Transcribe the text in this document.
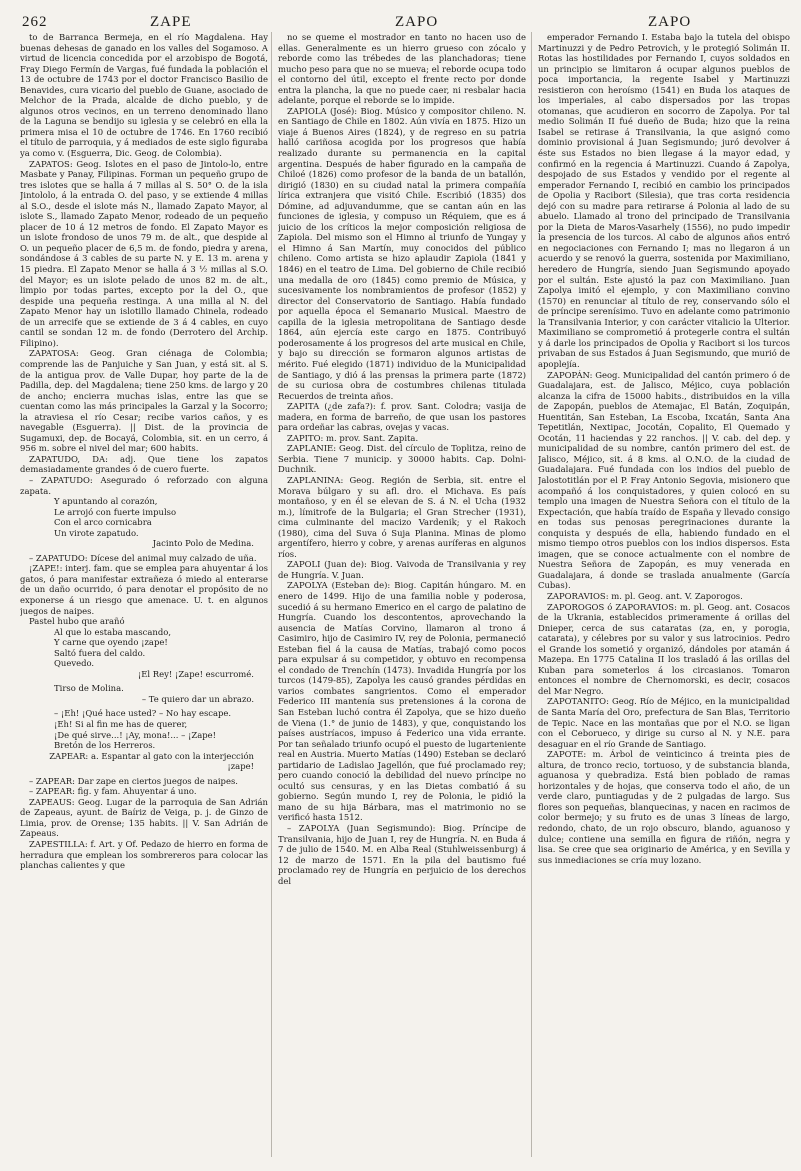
262	ZAPE	ZAPO	ZAPO

to de Barranca Bermeja, en el río Magdalena. Hay buenas dehesas de ganado en los valles del Sogamoso. A virtud de licencia concedida por el arzobispo de Bogotá, Fray Diego Fermín de Vargas, fué fundada la población el 13 de octubre de 1743 por el doctor Francisco Basilio de Benavides, cura vicario del pueblo de Guane, asociado de Melchor de la Prada, alcalde de dicho pueblo, y de algunos otros vecinos, en un terreno denominado llano de la Laguna se bendijo su iglesia y se celebró en ella la primera misa el 10 de octubre de 1746. En 1760 recibió el título de parroquia, y á mediados de este siglo figuraba ya como v. (Esguerra, Dic. Geog. de Colombia).

ZAPATOS: Geog. Islotes en el paso de Jintolo-lo, entre Masbate y Panay, Filipinas. Forman un pequeño grupo de tres islotes que se halla á 7 millas al S. 50° O. de la isla Jintololo, á la entrada O. del paso, y se extiende 4 millas al S.O., desde el islote más N., llamado Zapato Mayor, al islote S., llamado Zapato Menor, rodeado de un pequeño placer de 10 á 12 metros de fondo. El Zapato Mayor es un islote frondoso de unos 79 m. de alt., que despide al O. un pequeño placer de 6,5 m. de fondo, piedra y arena, sondándose á 3 cables de su parte N. y E. 13 m. arena y 15 piedra. El Zapato Menor se halla á 3 ½ millas al S.O. del Mayor; es un islote pelado de unos 82 m. de alt., limpio por todas partes, excepto por la del O., que despide una pequeña restinga. A una milla al N. del Zapato Menor hay un islotillo llamado Chinela, rodeado de un arrecife que se extiende de 3 á 4 cables, en cuyo cantil se sondan 12 m. de fondo (Derrotero del Archip. Filipino).

ZAPATOSA: Geog. Gran ciénaga de Colombia; comprende las de Panjuiche y San Juan, y está sit. al S. de la antigua prov. de Valle Dupar, hoy parte de la de Padilla, dep. del Magdalena; tiene 250 kms. de largo y 20 de ancho; encierra muchas islas, entre las que se cuentan como las más principales la Garzal y la Socorro; la atraviesa el río Cesar; recibe varios caños, y es navegable (Esguerra). || Dist. de la provincia de Sugamuxi, dep. de Bocayá, Colombia, sit. en un cerro, á 956 m. sobre el nivel del mar; 600 habits.

ZAPATUDO, DA: adj. Que tiene los zapatos demasiadamente grandes ó de cuero fuerte.

– ZAPATUDO: Asegurado ó reforzado con alguna zapata.

Y apuntando al corazón,

Le arrojó con fuerte impulso

Con el arco cornicabra

Un virote zapatudo.

Jacinto Polo de Medina.

– ZAPATUDO: Dícese del animal muy calzado de uña.

¡ZAPE!: interj. fam. que se emplea para ahuyentar á los gatos, ó para manifestar extrañeza ó miedo al enterarse de un daño ocurrido, ó para denotar el propósito de no exponerse á un riesgo que amenace. U. t. en algunos juegos de naipes.

Pastel hubo que arañó

Al que lo estaba mascando,

Y carne que oyendo ¡zape!

Saltó fuera del caldo.

Quevedo.

¡El Rey! ¡Zape! escurromé.

Tirso de Molina.

– Te quiero dar un abrazo.

– ¡Eh! ¡Qué hace usted? – No hay escape.

¡Eh! Si al fin me has de querer,

¡De qué sirve...! ¡Ay, mona!... – ¡Zape!

Bretón de los Herreros.

ZAPEAR: a. Espantar al gato con la interjección ¡zape!

– ZAPEAR: Dar zape en ciertos juegos de naipes.

– ZAPEAR: fig. y fam. Ahuyentar á uno.

ZAPEAUS: Geog. Lugar de la parroquia de San Adrián de Zapeaus, ayunt. de Baíriz de Veiga, p. j. de Ginzo de Limia, prov. de Orense; 135 habits. || V. San Adrián de Zapeaus.

ZAPESTILLA: f. Art. y Of. Pedazo de hierro en forma de herradura que emplean los sombrereros para colocar las planchas calientes y que

no se queme el mostrador en tanto no hacen uso de ellas. Generalmente es un hierro grueso con zócalo y reborde como las trébedes de las planchadoras; tiene mucho peso para que no se mueva; el reborde ocupa todo el contorno del útil, excepto el frente recto por donde entra la plancha, la que no puede caer, ni resbalar hacia adelante, porque el reborde se lo impide.

ZAPIOLA (José): Biog. Músico y compositor chileno. N. en Santiago de Chile en 1802. Aún vivía en 1875. Hizo un viaje á Buenos Aires (1824), y de regreso en su patria halló cariñosa acogida por los progresos que había realizado durante su permanencia en la capital argentina. Después de haber figurado en la campaña de Chiloé (1826) como profesor de la banda de un batallón, dirigió (1830) en su ciudad natal la primera compañía lírica extranjera que visitó Chile. Escribió (1835) dos Dómine, ad adjuvandumme, que se cantan aún en las funciones de iglesia, y compuso un Réquiem, que es á juicio de los críticos la mejor composición religiosa de Zapiola. Del mismo son el Himno al triunfo de Yungay y el Himno á San Martín, muy conocidos del público chileno. Como artista se hizo aplaudir Zapiola (1841 y 1846) en el teatro de Lima. Del gobierno de Chile recibió una medalla de oro (1845) como premio de Música, y sucesivamente los nombramientos de profesor (1852) y director del Conservatorio de Santiago. Había fundado por aquella época el Semanario Musical. Maestro de capilla de la iglesia metropolitana de Santiago desde 1864, aún ejercía este cargo en 1875. Contribuyó poderosamente á los progresos del arte musical en Chile, y bajo su dirección se formaron algunos artistas de mérito. Fué elegido (1871) individuo de la Municipalidad de Santiago, y dió á las prensas la primera parte (1872) de su curiosa obra de costumbres chilenas titulada Recuerdos de treinta años.

ZAPITA (¿de zafa?): f. prov. Sant. Colodra; vasija de madera, en forma de barreño, de que usan los pastores para ordeñar las cabras, ovejas y vacas.

ZAPITO: m. prov. Sant. Zapita.

ZAPLANIE: Geog. Dist. del círculo de Toplitza, reino de Serbia. Tiene 7 municip. y 30000 habits. Cap. Dolni-Duchnik.

ZAPLANINA: Geog. Región de Serbia, sit. entre el Morava búlgaro y su afl. dro. el Michava. Es país montañoso, y en él se elevan de S. á N. el Ucha (1932 m.), límitrofe de la Bulgaria; el Gran Strecher (1931), cima culminante del macizo Vardenik; y el Rakoch (1980), cima del Suva ó Suja Planina. Minas de plomo argentífero, hierro y cobre, y arenas auríferas en algunos ríos.

ZAPOLI (Juan de): Biog. Vaivoda de Transilvania y rey de Hungría. V. Juan.

ZAPOLYA (Esteban de): Biog. Capitán húngaro. M. en enero de 1499. Hijo de una familia noble y poderosa, sucedió á su hermano Emerico en el cargo de palatino de Hungría. Cuando los descontentos, aprovechando la ausencia de Matías Corvino, llamaron al trono á Casimiro, hijo de Casimiro IV, rey de Polonia, permaneció Esteban fiel á la causa de Matías, trabajó como pocos para expulsar á su competidor, y obtuvo en recompensa el condado de Trenchín (1473). Invadida Hungría por los turcos (1479-85), Zapolya les causó grandes pérdidas en varios combates sangrientos. Como el emperador Federico III mantenía sus pretensiones á la corona de San Esteban luchó contra él Zapolya, que se hizo dueño de Viena (1.° de junio de 1483), y que, conquistando los países austríacos, impuso á Federico una vida errante. Por tan señalado triunfo ocupó el puesto de lugarteniente real en Austria. Muerto Matías (1490) Esteban se declaró partidario de Ladislao Jagellón, que fué proclamado rey; pero cuando conoció la debilidad del nuevo príncipe no ocultó sus censuras, y en las Dietas combatió á su gobierno. Según mundo I, rey de Polonia, le pidió la mano de su hija Bárbara, mas el matrimonio no se verificó hasta 1512.

– ZAPOLYA (Juan Segismundo): Biog. Príncipe de Transilvania, hijo de Juan I, rey de Hungría. N. en Buda á 7 de julio de 1540. M. en Alba Real (Stuhlweissenburg) á 12 de marzo de 1571. En la pila del bautismo fué proclamado rey de Hungría en perjuicio de los derechos del

emperador Fernando I. Estaba bajo la tutela del obispo Martinuzzi y de Pedro Petrovich, y le protegió Solimán II. Rotas las hostilidades por Fernando I, cuyos soldados en un principio se limitaron á ocupar algunos pueblos de poca importancia, la regente Isabel y Martinuzzi resistieron con heroísmo (1541) en Buda los ataques de los imperiales, al cabo dispersados por las tropas otomanas, que acudieron en socorro de Zapolya. Por tal medio Solimán II fué dueño de Buda; hizo que la reina Isabel se retirase á Transilvania, la que asignó como dominio provisional á Juan Segismundo; juró devolver á éste sus Estados no bien llegase á la mayor edad, y confirmó en la regencia á Martinuzzi. Cuando á Zapolya, despojado de sus Estados y vendido por el regente al emperador Fernando I, recibió en cambio los principados de Opolia y Racibort (Silesia), que tras corta residencia dejó con su madre para retirarse á Polonia al lado de su abuelo. Llamado al trono del principado de Transilvania por la Dieta de Maros-Vasarhely (1556), no pudo impedir la presencia de los turcos. Al cabo de algunos años entró en negociaciones con Fernando I; mas no llegaron á un acuerdo y se renovó la guerra, sostenida por Maximiliano, heredero de Hungría, siendo Juan Segismundo apoyado por el sultán. Este ajustó la paz con Maximiliano. Juan Zapolya imitó el ejemplo, y con Maximiliano convino (1570) en renunciar al título de rey, conservando sólo el de príncipe serenísimo. Tuvo en adelante como patrimonio la Transilvania Interior, y con carácter vitalicio la Ulterior. Maximiliano se comprometió á protegerle contra el sultán y á darle los principados de Opolia y Racibort si los turcos privaban de sus Estados á Juan Segismundo, que murió de apoplejía.

ZAPOPÁN: Geog. Municipalidad del cantón primero ó de Guadalajara, est. de Jalisco, Méjico, cuya población alcanza la cifra de 15000 habits., distribuidos en la villa de Zapopán, pueblos de Atemajac, El Batán, Zoquipán, Huentitán, San Esteban, La Escoba, Ixcatán, Santa Ana Tepetitlán, Nextipac, Jocotán, Copalito, El Quemado y Ocotán, 11 haciendas y 22 ranchos. || V. cab. del dep. y municipalidad de su nombre, cantón primero del est. de Jalisco, Méjico, sit. á 8 kms. al O.N.O. de la ciudad de Guadalajara. Fué fundada con los indios del pueblo de Jalostotitlán por el P. Fray Antonio Segovia, misionero que acompañó á los conquistadores, y quien colocó en su templo una imagen de Nuestra Señora con el título de la Expectación, que había traído de España y llevado consigo en todas sus penosas peregrinaciones durante la conquista y después de ella, habiendo fundado en el mismo tiempo otros pueblos con los indios dispersos. Esta imagen, que se conoce actualmente con el nombre de Nuestra Señora de Zapopán, es muy venerada en Guadalajara, á donde se traslada anualmente (García Cubas).

ZAPORAVIOS: m. pl. Geog. ant. V. Zaporogos.

ZAPOROGOS ó ZAPORAVIOS: m. pl. Geog. ant. Cosacos de la Ukrania, establecidos primeramente á orillas del Dnieper, cerca de sus cataratas (za, en, y porogia, catarata), y célebres por su valor y sus latrocinios. Pedro el Grande los sometió y organizó, dándoles por atamán á Mazepa. En 1775 Catalina II los trasladó á las orillas del Kuban para someterlos á los circasianos. Tomaron entonces el nombre de Chernomorski, es decir, cosacos del Mar Negro.

ZAPOTANITO: Geog. Río de Méjico, en la municipalidad de Santa María del Oro, prefectura de San Blas, Territorio de Tepic. Nace en las montañas que por el N.O. se ligan con el Ceborueco, y dirige su curso al N. y N.E. para desaguar en el río Grande de Santiago.

ZAPOTE: m. Árbol de veinticinco á treinta pies de altura, de tronco recio, tortuoso, y de substancia blanda, aguanosa y quebradiza. Está bien poblado de ramas horizontales y de hojas, que conserva todo el año, de un verde claro, puntiagudas y de 2 pulgadas de largo. Sus flores son pequeñas, blanquecinas, y nacen en racimos de color bermejo; y su fruto es de unas 3 líneas de largo, redondo, chato, de un rojo obscuro, blando, aguanoso y dulce; contiene una semilla en figura de riñón, negra y lisa. Se cree que sea originario de América, y en Sevilla y sus inmediaciones se cría muy lozano.
